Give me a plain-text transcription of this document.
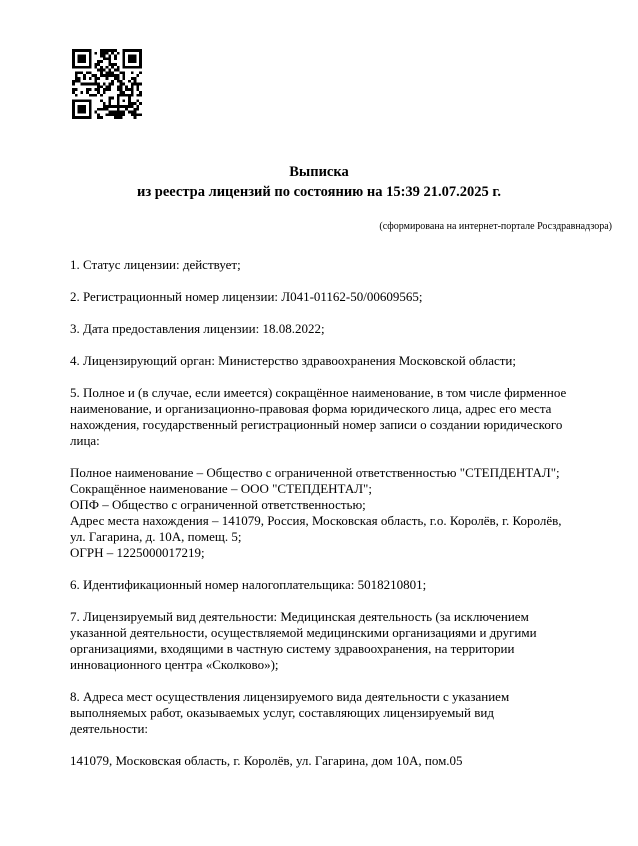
Выписка
из реестра лицензий по состоянию на 15:39 21.07.2025 г.
(сформирована на интернет-портале Росздравнадзора)

1. Статус лицензии: действует;

2. Регистрационный номер лицензии: Л041-01162-50/00609565;

3. Дата предоставления лицензии: 18.08.2022;

4. Лицензирующий орган: Министерство здравоохранения Московской области;

5. Полное и (в случае, если имеется) сокращённое наименование, в том числе фирменное наименование, и организационно-правовая форма юридического лица, адрес его места нахождения, государственный регистрационный номер записи о создании юридического лица:

Полное наименование – Общество с ограниченной ответственностью "СТЕПДЕНТАЛ";
Сокращённое наименование – ООО "СТЕПДЕНТАЛ";
ОПФ – Общество с ограниченной ответственностью;
Адрес места нахождения – 141079, Россия, Московская область, г.о. Королёв, г. Королёв, ул. Гагарина, д. 10А, помещ. 5;
ОГРН – 1225000017219;

6. Идентификационный номер налогоплательщика: 5018210801;

7. Лицензируемый вид деятельности: Медицинская деятельность (за исключением указанной деятельности, осуществляемой медицинскими организациями и другими организациями, входящими в частную систему здравоохранения, на территории инновационного центра «Сколково»);

8. Адреса мест осуществления лицензируемого вида деятельности с указанием выполняемых работ, оказываемых услуг, составляющих лицензируемый вид деятельности:

141079, Московская область, г. Королёв, ул. Гагарина, дом 10А, пом.05
